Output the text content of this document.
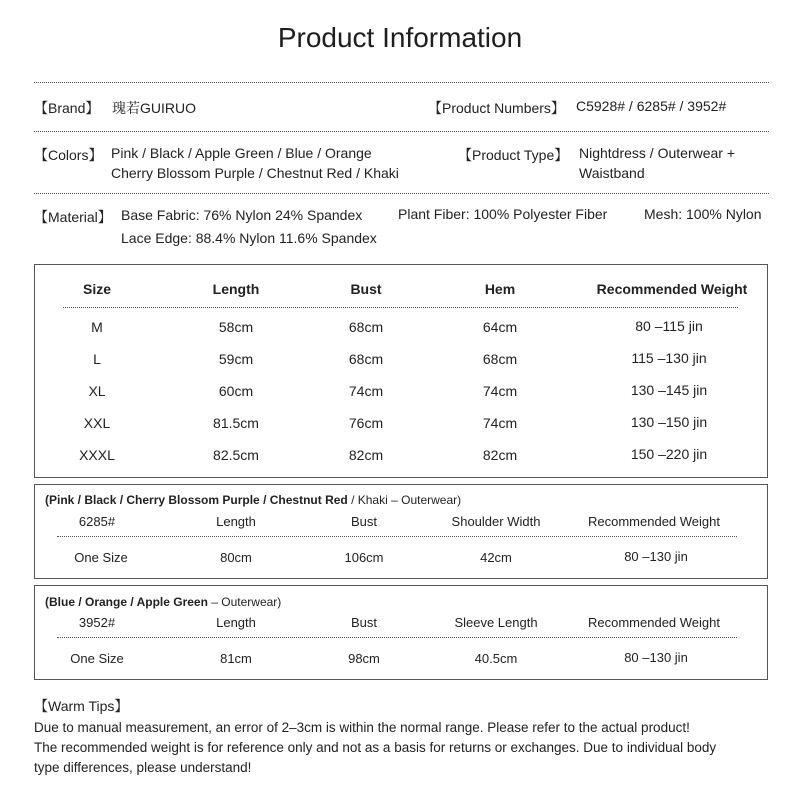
Product Information
【Brand】 瑰若GUIRUO	【Product Numbers】 C5928# / 6285# / 3952#
【Colors】 Pink / Black / Apple Green / Blue / Orange
Cherry Blossom Purple / Chestnut Red / Khaki
【Product Type】 Nightdress / Outerwear +
Waistband
【Material】 Base Fabric: 76% Nylon 24% Spandex	Plant Fiber: 100% Polyester Fiber	Mesh: 100% Nylon
Lace Edge: 88.4% Nylon 11.6% Spandex
Size	Length	Bust	Hem	Recommended Weight
M	58cm	68cm	64cm	80 –115 jin
L	59cm	68cm	68cm	115 –130 jin
XL	60cm	74cm	74cm	130 –145 jin
XXL	81.5cm	76cm	74cm	130 –150 jin
XXXL	82.5cm	82cm	82cm	150 –220 jin
(Pink / Black / Cherry Blossom Purple / Chestnut Red / Khaki – Outerwear)
6285#	Length	Bust	Shoulder Width	Recommended Weight
One Size	80cm	106cm	42cm	80 –130 jin
(Blue / Orange / Apple Green – Outerwear)
3952#	Length	Bust	Sleeve Length	Recommended Weight
One Size	81cm	98cm	40.5cm	80 –130 jin
【Warm Tips】
Due to manual measurement, an error of 2–3cm is within the normal range. Please refer to the actual product!
The recommended weight is for reference only and not as a basis for returns or exchanges. Due to individual body
type differences, please understand!
